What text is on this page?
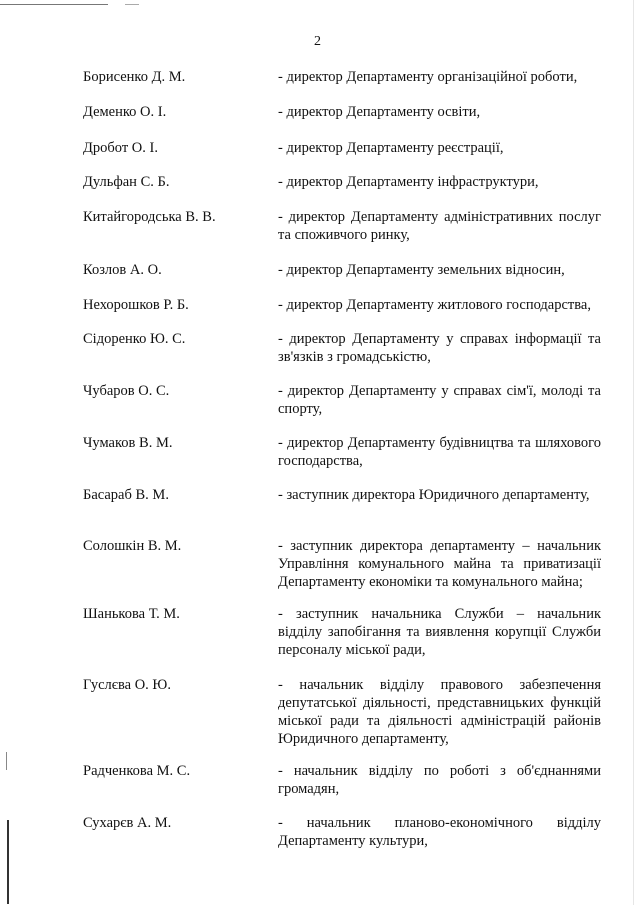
2
Борисенко Д. М.	- директор Департаменту організаційної роботи,
Деменко О. І.	- директор Департаменту освіти,
Дробот О. І.	- директор Департаменту реєстрації,
Дульфан С. Б.	- директор Департаменту інфраструктури,
Китайгородська В. В.	- директор Департаменту адміністративних послуг та споживчого ринку,
Козлов А. О.	- директор Департаменту земельних відносин,
Нехорошков Р. Б.	- директор Департаменту житлового господарства,
Сідоренко Ю. С.	- директор Департаменту у справах інформації та зв'язків з громадськістю,
Чубаров О. С.	- директор Департаменту у справах сім'ї, молоді та спорту,
Чумаков В. М.	- директор Департаменту будівництва та шляхового господарства,
Басараб В. М.	- заступник директора Юридичного департаменту,
Солошкін В. М.	- заступник директора департаменту – начальник Управління комунального майна та приватизації Департаменту економіки та комунального майна;
Шанькова Т. М.	- заступник начальника Служби – начальник відділу запобігання та виявлення корупції Служби персоналу міської ради,
Гуслєва О. Ю.	- начальник відділу правового забезпечення депутатської діяльності, представницьких функцій міської ради та діяльності адміністрацій районів Юридичного департаменту,
Радченкова М. С.	- начальник відділу по роботі з об'єднаннями громадян,
Сухарєв А. М.	- начальник планово-економічного відділу Департаменту культури,
